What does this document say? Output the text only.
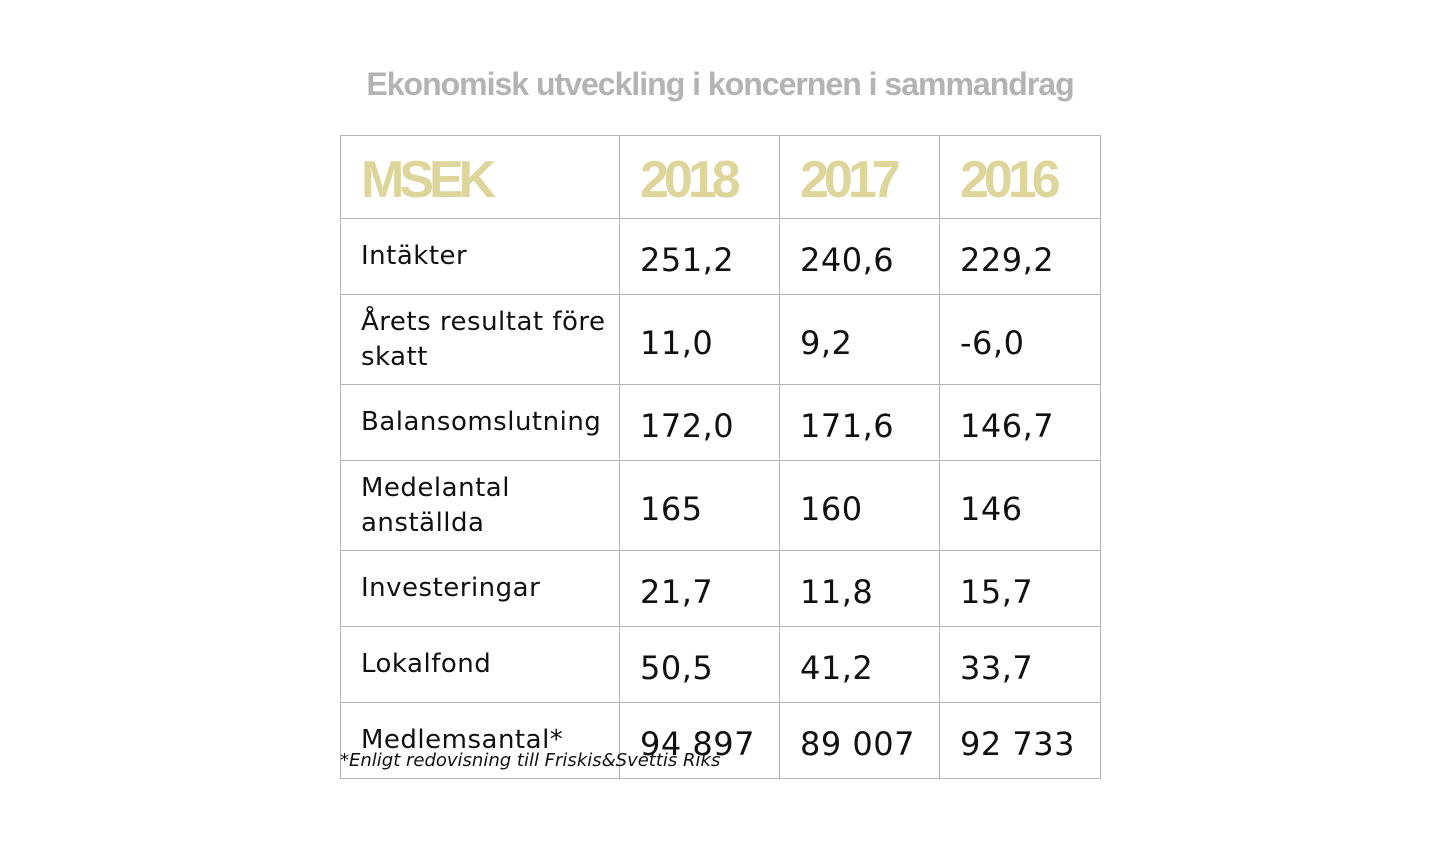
Ekonomisk utveckling i koncernen i sammandrag
MSEK	2018	2017	2016
Intäkter	251,2	240,6	229,2
Årets resultat före skatt	11,0	9,2	-6,0
Balansomslutning	172,0	171,6	146,7
Medelantal anställda	165	160	146
Investeringar	21,7	11,8	15,7
Lokalfond	50,5	41,2	33,7
Medlemsantal*	94 897	89 007	92 733
*Enligt redovisning till Friskis&Svettis Riks
